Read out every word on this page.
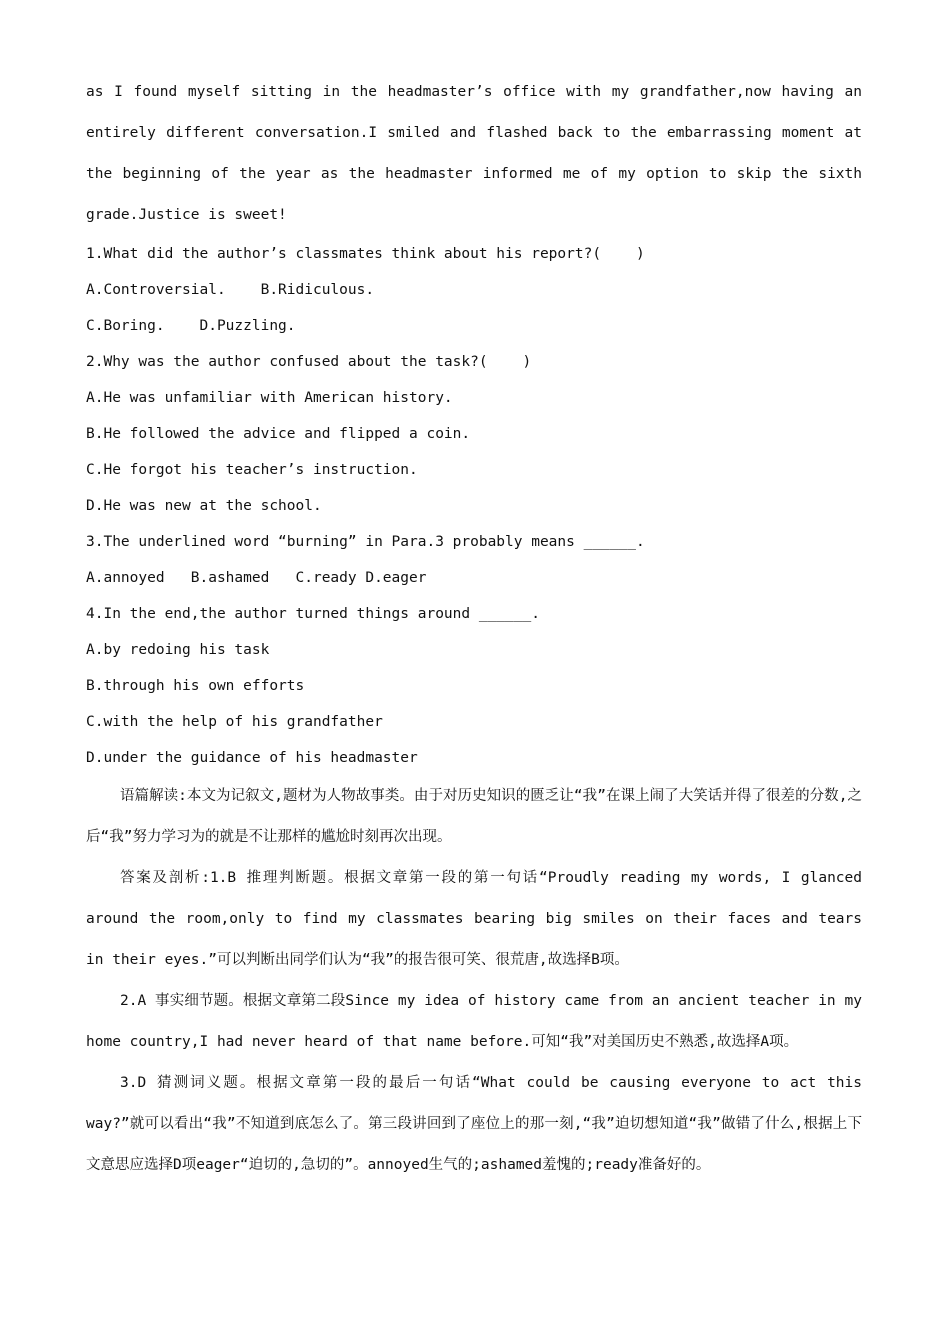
as I found myself sitting in the headmaster’s office with my grandfather,now having an entirely different conversation.I smiled and flashed back to the embarrassing moment at the beginning of the year as the headmaster informed me of my option to skip the sixth grade.Justice is sweet!

1.What did the author’s classmates think about his report?(    )

A.Controversial.    B.Ridiculous.

C.Boring.    D.Puzzling.

2.Why was the author confused about the task?(    )

A.He was unfamiliar with American history.

B.He followed the advice and flipped a coin.

C.He forgot his teacher’s instruction.

D.He was new at the school.

3.The underlined word “burning” in Para.3 probably means ______.

A.annoyed   B.ashamed   C.ready D.eager

4.In the end,the author turned things around ______.

A.by redoing his task

B.through his own efforts

C.with the help of his grandfather

D.under the guidance of his headmaster

语篇解读:本文为记叙文,题材为人物故事类。由于对历史知识的匮乏让“我”在课上闹了大笑话并得了很差的分数,之后“我”努力学习为的就是不让那样的尴尬时刻再次出现。

答案及剖析:1.B 推理判断题。根据文章第一段的第一句话“Proudly reading my words, I glanced around the room,only to find my classmates bearing big smiles on their faces and tears in their eyes.”可以判断出同学们认为“我”的报告很可笑、很荒唐,故选择B项。

2.A 事实细节题。根据文章第二段Since my idea of history came from an ancient teacher in my home country,I had never heard of that name before.可知“我”对美国历史不熟悉,故选择A项。

3.D 猜测词义题。根据文章第一段的最后一句话“What could be causing everyone to act this way?”就可以看出“我”不知道到底怎么了。第三段讲回到了座位上的那一刻,“我”迫切想知道“我”做错了什么,根据上下文意思应选择D项eager“迫切的,急切的”。annoyed生气的;ashamed羞愧的;ready准备好的。
